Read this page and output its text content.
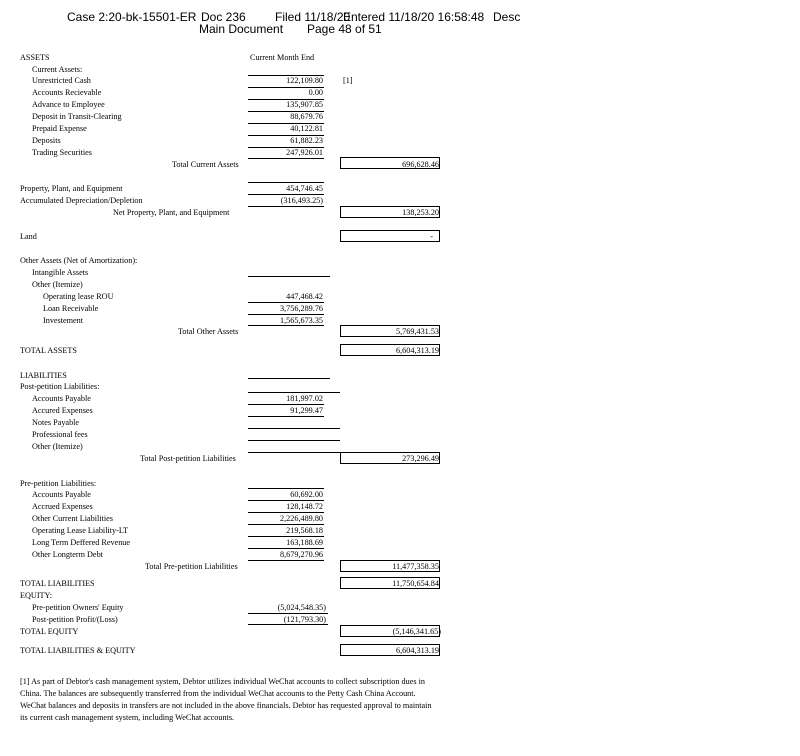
Case 2:20-bk-15501-ER Doc 236 Filed 11/18/20
Entered 11/18/20 16:58:48 Desc
Main Document Page 48 of 51
Current Month End
ASSETS
Current Assets:
Unrestricted Cash	122,109.80 [1]
Accounts Recievable	0.00
Advance to Employee	135,907.85
Deposit in Transit-Clearing	88,679.76
Prepaid Expense	40,122.81
Deposits	61,882.23
Trading Securities	247,926.01
Total Current Assets	696,628.46
Property, Plant, and Equipment	454,746.45
Accumulated Depreciation/Depletion	(316,493.25)
Net Property, Plant, and Equipment	138,253.20
Land	-
Other Assets (Net of Amortization):
Intangible Assets
Other (Itemize)
Operating lease ROU	447,468.42
Loan Receivable	3,756,289.76
Investement	1,565,673.35
Total Other Assets	5,769,431.53
TOTAL ASSETS	6,604,313.19
LIABILITIES
Post-petition Liabilities:
Accounts Payable	181,997.02
Accured Expenses	91,299.47
Notes Payable
Professional fees
Other (Itemize)
Total Post-petition Liabilities	273,296.49
Pre-petition Liabilities:
Accounts Payable	60,692.00
Accrued Expenses	128,148.72
Other Current Liabilities	2,226,489.80
Operating Lease Liability-LT	219,568.18
Long Term Deffered Revenue	163,188.69
Other Longterm Debt	8,679,270.96
Total Pre-petition Liabilities	11,477,358.35
TOTAL LIABILITIES	11,750,654.84
EQUITY:
Pre-petition Owners' Equity	(5,024,548.35)
Post-petition Profit/(Loss)	(121,793.30)
TOTAL EQUITY	(5,146,341.65)
TOTAL LIABILITIES & EQUITY	6,604,313.19
[1] As part of Debtor's cash management system, Debtor utilizes individual WeChat accounts to collect subscription dues in China. The balances are subsequently transferred from the individual WeChat accounts to the Petty Cash China Account. WeChat balances and deposits in transfers are not included in the above financials. Debtor has requested approval to maintain its current cash management system, including WeChat accounts.
